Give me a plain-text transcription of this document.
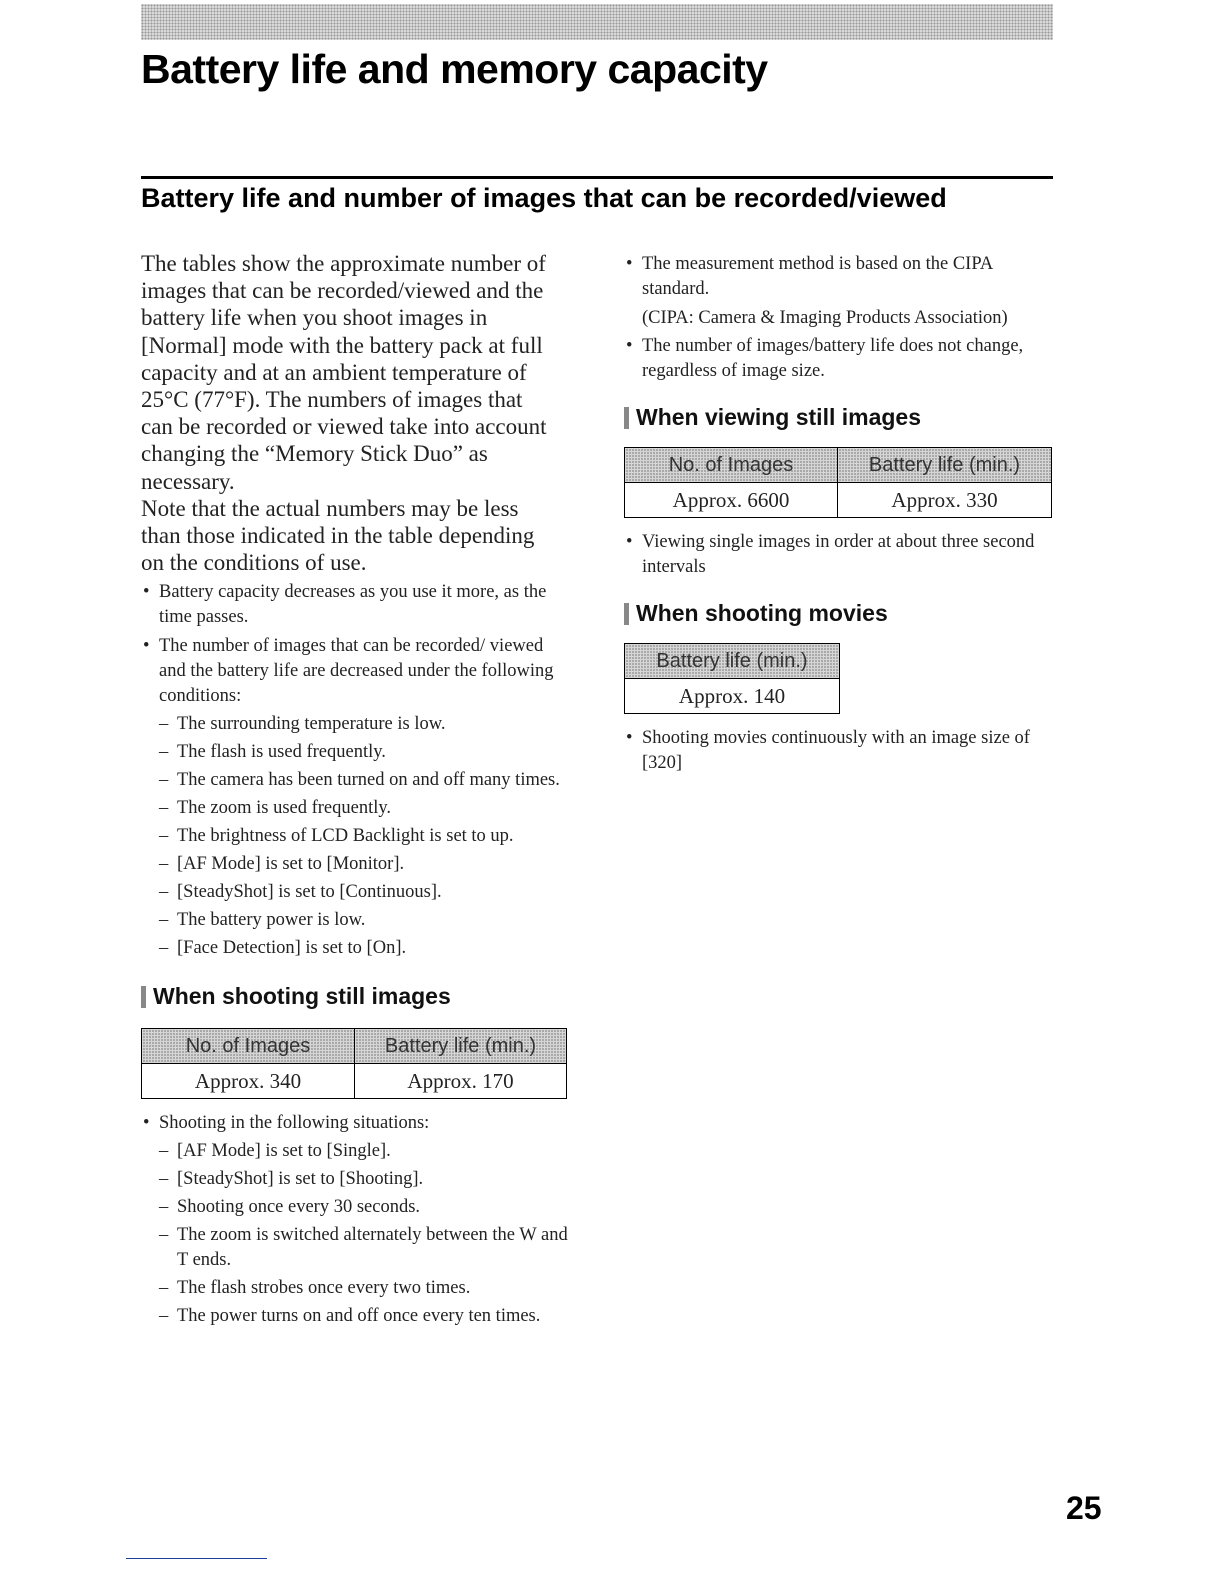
Battery life and memory capacity
Battery life and number of images that can be recorded/viewed

The tables show the approximate number of
images that can be recorded/viewed and the
battery life when you shoot images in
[Normal] mode with the battery pack at full
capacity and at an ambient temperature of
25°C (77°F). The numbers of images that
can be recorded or viewed take into account
changing the “Memory Stick Duo” as
necessary.
Note that the actual numbers may be less
than those indicated in the table depending
on the conditions of use.

• Battery capacity decreases as you use it more, as the time passes.
• The number of images that can be recorded/ viewed and the battery life are decreased under the following conditions:
– The surrounding temperature is low.
– The flash is used frequently.
– The camera has been turned on and off many times.
– The zoom is used frequently.
– The brightness of LCD Backlight is set to up.
– [AF Mode] is set to [Monitor].
– [SteadyShot] is set to [Continuous].
– The battery power is low.
– [Face Detection] is set to [On].
When shooting still images
No. of Images	Battery life (min.)
Approx. 340	Approx. 170
• Shooting in the following situations:
– [AF Mode] is set to [Single].
– [SteadyShot] is set to [Shooting].
– Shooting once every 30 seconds.
– The zoom is switched alternately between the W and T ends.
– The flash strobes once every two times.
– The power turns on and off once every ten times.
• The measurement method is based on the CIPA standard.
(CIPA: Camera & Imaging Products Association)
• The number of images/battery life does not change, regardless of image size.
When viewing still images
No. of Images	Battery life (min.)
Approx. 6600	Approx. 330
• Viewing single images in order at about three second intervals
When shooting movies
Battery life (min.)
Approx. 140
• Shooting movies continuously with an image size of [320]
25
